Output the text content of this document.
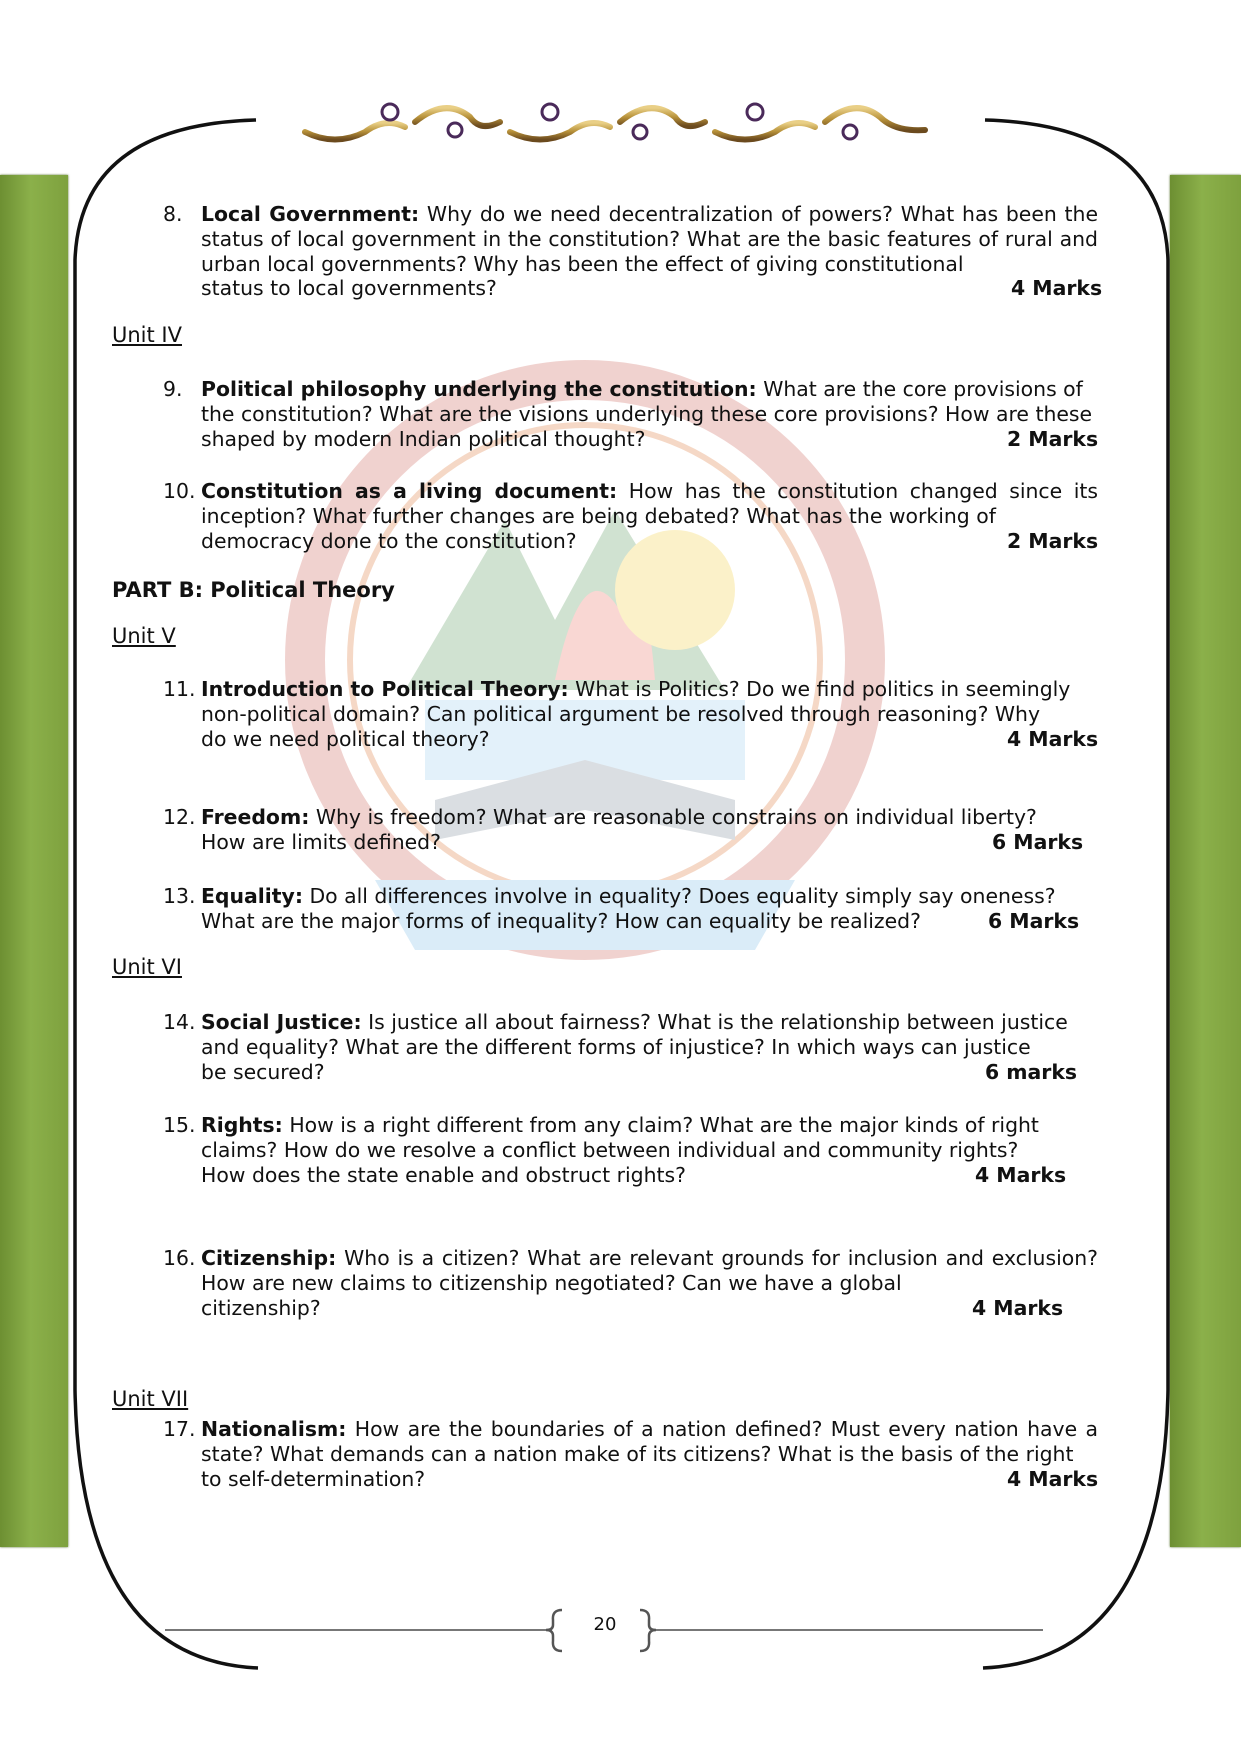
8. Local Government: Why do we need decentralization of powers? What has been the status of local government in the constitution? What are the basic features of rural and urban local governments? Why has been the effect of giving constitutional
status to local governments?	4 Marks
Unit IV
9. Political philosophy underlying the constitution: What are the core provisions of the constitution? What are the visions underlying these core provisions? How are these
shaped by modern Indian political thought?	2 Marks
10. Constitution as a living document: How has the constitution changed since its inception? What further changes are being debated? What has the working of
democracy done to the constitution?	2 Marks
PART B: Political Theory
Unit V
11. Introduction to Political Theory: What is Politics? Do we find politics in seemingly non-political domain? Can political argument be resolved through reasoning? Why
do we need political theory?	4 Marks
12. Freedom: Why is freedom? What are reasonable constrains on individual liberty?
How are limits defined?	6 Marks
13. Equality: Do all differences involve in equality? Does equality simply say oneness?
What are the major forms of inequality? How can equality be realized?	6 Marks
Unit VI
14. Social Justice: Is justice all about fairness? What is the relationship between justice and equality? What are the different forms of injustice? In which ways can justice
be secured?	6 marks
15. Rights: How is a right different from any claim? What are the major kinds of right claims? How do we resolve a conflict between individual and community rights?
How does the state enable and obstruct rights?	4 Marks
16. Citizenship: Who is a citizen? What are relevant grounds for inclusion and exclusion? How are new claims to citizenship negotiated? Can we have a global
citizenship?	4 Marks
Unit VII
17. Nationalism: How are the boundaries of a nation defined? Must every nation have a state? What demands can a nation make of its citizens? What is the basis of the right
to self-determination?	4 Marks
20
